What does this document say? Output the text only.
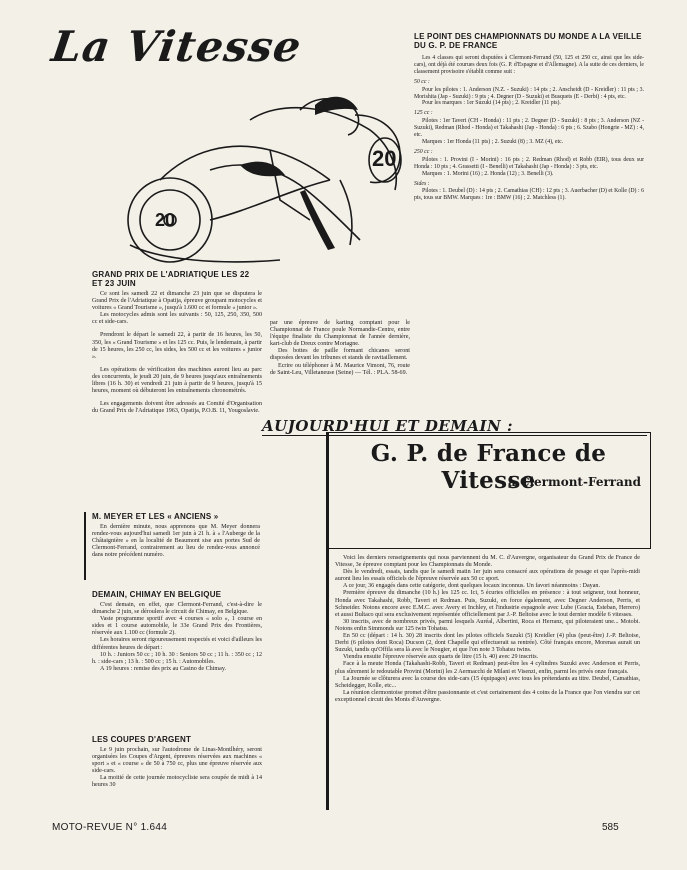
La Vitesse
20
20
LE POINT DES CHAMPIONNATS DU MONDE A LA VEILLE DU G. P. DE FRANCE

Les 4 classes qui seront disputées à Clermont-Ferrand (50, 125 et 250 cc, ainsi que les side-cars), ont déjà été courues deux fois (G. P. d'Espagne et d'Allemagne). A la suite de ces derniers, le classement provisoire s'établit comme suit :

50 cc :

Pour les pilotes : 1. Anderson (N.Z. - Suzuki) : 14 pts ; 2. Anscheidt (D - Kreidler) : 11 pts ; 3. Morishita (Jap - Suzuki) : 9 pts ; 4. Degner (D - Suzuki) et Busquets (E - Derbi) : 4 pts, etc.

Pour les marques : 1er Suzuki (14 pts) ; 2. Kreidler (11 pts).

125 cc :

Pilotes : 1er Taveri (CH - Honda) : 11 pts ; 2. Degner (D - Suzuki) : 8 pts ; 3. Anderson (NZ - Suzuki), Redman (Rhod - Honda) et Takahashi (Jap - Honda) : 6 pts ; 6. Szabo (Hongrie - MZ) : 4, etc.

Marques : 1er Honda (11 pts) ; 2. Suzuki (8) ; 3. MZ (4), etc.

250 cc :

Pilotes : 1. Provini (I - Morini) : 16 pts ; 2. Redman (Rhod) et Robb (EIR), tous deux sur Honda : 10 pts ; 4. Grassetti (I - Benelli) et Takahashi (Jap - Honda) : 3 pts, etc.

Marques : 1. Morini (16) ; 2. Honda (12) ; 3. Benelli (3).

Sides :

Pilotes : 1. Deubel (D) : 14 pts ; 2. Camathias (CH) : 12 pts ; 3. Auerbacher (D) et Kolle (D) : 6 pts, tous sur BMW. Marques : 1re : BMW (16) ; 2. Matchless (1).

GRAND PRIX DE L'ADRIATIQUE LES 22 ET 23 JUIN

Ce sont les samedi 22 et dimanche 23 juin que se disputera le Grand Prix de l'Adriatique à Opatija, épreuve groupant motocycles et voitures « Grand Tourisme », jusqu'à 1.600 cc et formule « junior ».

Les motocycles admis sont les suivants : 50, 125, 250, 350, 500 cc et side-cars.

Prendront le départ le samedi 22, à partir de 16 heures, les 50, 350, les « Grand Tourisme » et les 125 cc. Puis, le lendemain, à partir de 15 heures, les 250 cc, les sides, les 500 cc et les voitures « junior ».

Les opérations de vérification des machines auront lieu au parc des concurrents, le jeudi 20 juin, de 9 heures jusqu'aux entraînements libres (16 h. 30) et vendredi 21 juin à partir de 9 heures, jusqu'à 15 heures, moment où débuteront les entraînements chronométrés.

Les engagements doivent être adressés au Comité d'Organisation du Grand Prix de l'Adriatique 1963, Opatija, P.O.B. 11, Yougoslavie.

par une épreuve de karting comptant pour le Championnat de France poule Normandie-Centre, entre l'équipe finaliste du Championnat de l'année dernière, kart-club de Dreux contre Mortagne.

Des bottes de paille formant chicanes seront disposées devant les tribunes et stands de ravitaillement.

Ecrire ou téléphoner à M. Maurice Vimont, 76, route de Saint-Leu, Villetaneuse (Seine) — Tél. : PLA. 58-69.

AUJOURD'HUI ET DEMAIN :
M. MEYER ET LES « ANCIENS »

En dernière minute, nous apprenons que M. Meyer donnera rendez-vous aujourd'hui samedi 1er juin à 21 h. à « l'Auberge de la Châtaignière » en la localité de Beaumont sise aux portes Sud de Clermont-Ferrand, contrairement au lieu de rendez-vous annoncé dans notre précédent numéro.

DEMAIN, CHIMAY EN BELGIQUE

C'est demain, en effet, que Clermont-Ferrand, c'est-à-dire le dimanche 2 juin, se déroulera le circuit de Chimay, en Belgique.

Vaste programme sportif avec 4 courses « solo », 1 course en sides et 1 course automobile, le 33e Grand Prix des Frontières, réservée aux 1.100 cc (formule 2).

Les horaires seront rigoureusement respectés et voici d'ailleurs les différentes heures de départ :

10 h. : Juniors 50 cc ; 10 h. 30 : Seniors 50 cc ; 11 h. : 350 cc ; 12 h. : side-cars ; 13 h. : 500 cc ; 15 h. : Automobiles.

A 19 heures : remise des prix au Casino de Chimay.

LES COUPES D'ARGENT

Le 9 juin prochain, sur l'autodrome de Linas-Montlhéry, seront organisées les Coupes d'Argent, épreuves réservées aux machines « sport » et « course » de 50 à 750 cc, plus une épreuve réservée aux side-cars.

La moitié de cette journée motocycliste sera coupée de midi à 14 heures 30

G. P. de France de Vitesse
à Clermont-Ferrand

Voici les derniers renseignements qui nous parviennent du M. C. d'Auvergne, organisateur du Grand Prix de France de Vitesse, 3e épreuve comptant pour les Championnats du Monde.

Dès le vendredi, essais, tandis que le samedi matin 1er juin sera consacré aux opérations de pesage et que l'après-midi auront lieu les essais officiels de l'épreuve réservée aux 50 cc sport.

A ce jour, 36 engagés dans cette catégorie, dont quelques locaux inconnus. Un favori néanmoins : Dayan.

Première épreuve du dimanche (10 h.) les 125 cc. Ici, 5 écuries officielles en présence : à tout seigneur, tout honneur, Honda avec Takahashi, Robb, Taveri et Redman. Puis, Suzuki, en force également, avec Degner Anderson, Perris, et Schneider. Notons encore avec E.M.C. avec Avery et Inchley, et l'industrie espagnole avec Lube (Gracia, Esteban, Herrero) et aussi Bultaco qui sera exclusivement représentée officiellement par J.-P. Beltoise avec le tout dernier modèle 6 vitesses.

30 inscrits, avec de nombreux privés, parmi lesquels Auréal, Albertini, Roca et Herranz, qui piloteraient une... Motobi. Notons enfin Simmonds sur 125 twin Tohatsu.

En 50 cc (départ : 14 h. 30) 28 inscrits dont les pilotes officiels Suzuki (5) Kreidler (4) plus (peut-être) J.-P. Beltoise, Derbi (6 pilotes dont Roca) Ducson (2, dont Chapelle qui effectuerait sa rentrée). Côté français encore, Morenas aurait un Suzuki, tandis qu'Offila sera là avec le Nougier, et que l'on note 3 Tohatsu twins.

Viendra ensuite l'épreuve réservée aux quarts de litre (15 h. 40) avec 29 inscrits.

Face à la meute Honda (Takahashi-Robb, Taveri et Redman) peut-être les 4 cylindres Suzuki avec Anderson et Perris, plus sûrement le redoutable Provini (Morini) les 2 Aermacchi de Milani et Visenzi, enfin, parmi les privés onze français.

La Journée se clôturera avec la course des side-cars (15 équipages) avec tous les prétendants au titre. Deubel, Camathias, Scheidegger, Kolle, etc...

La réunion clermontoise promet d'être passionnante et c'est certainement des 4 coins de la France que l'on viendra sur cet exceptionnel circuit des Monts d'Auvergne.

MOTO-REVUE N° 1.644	585
